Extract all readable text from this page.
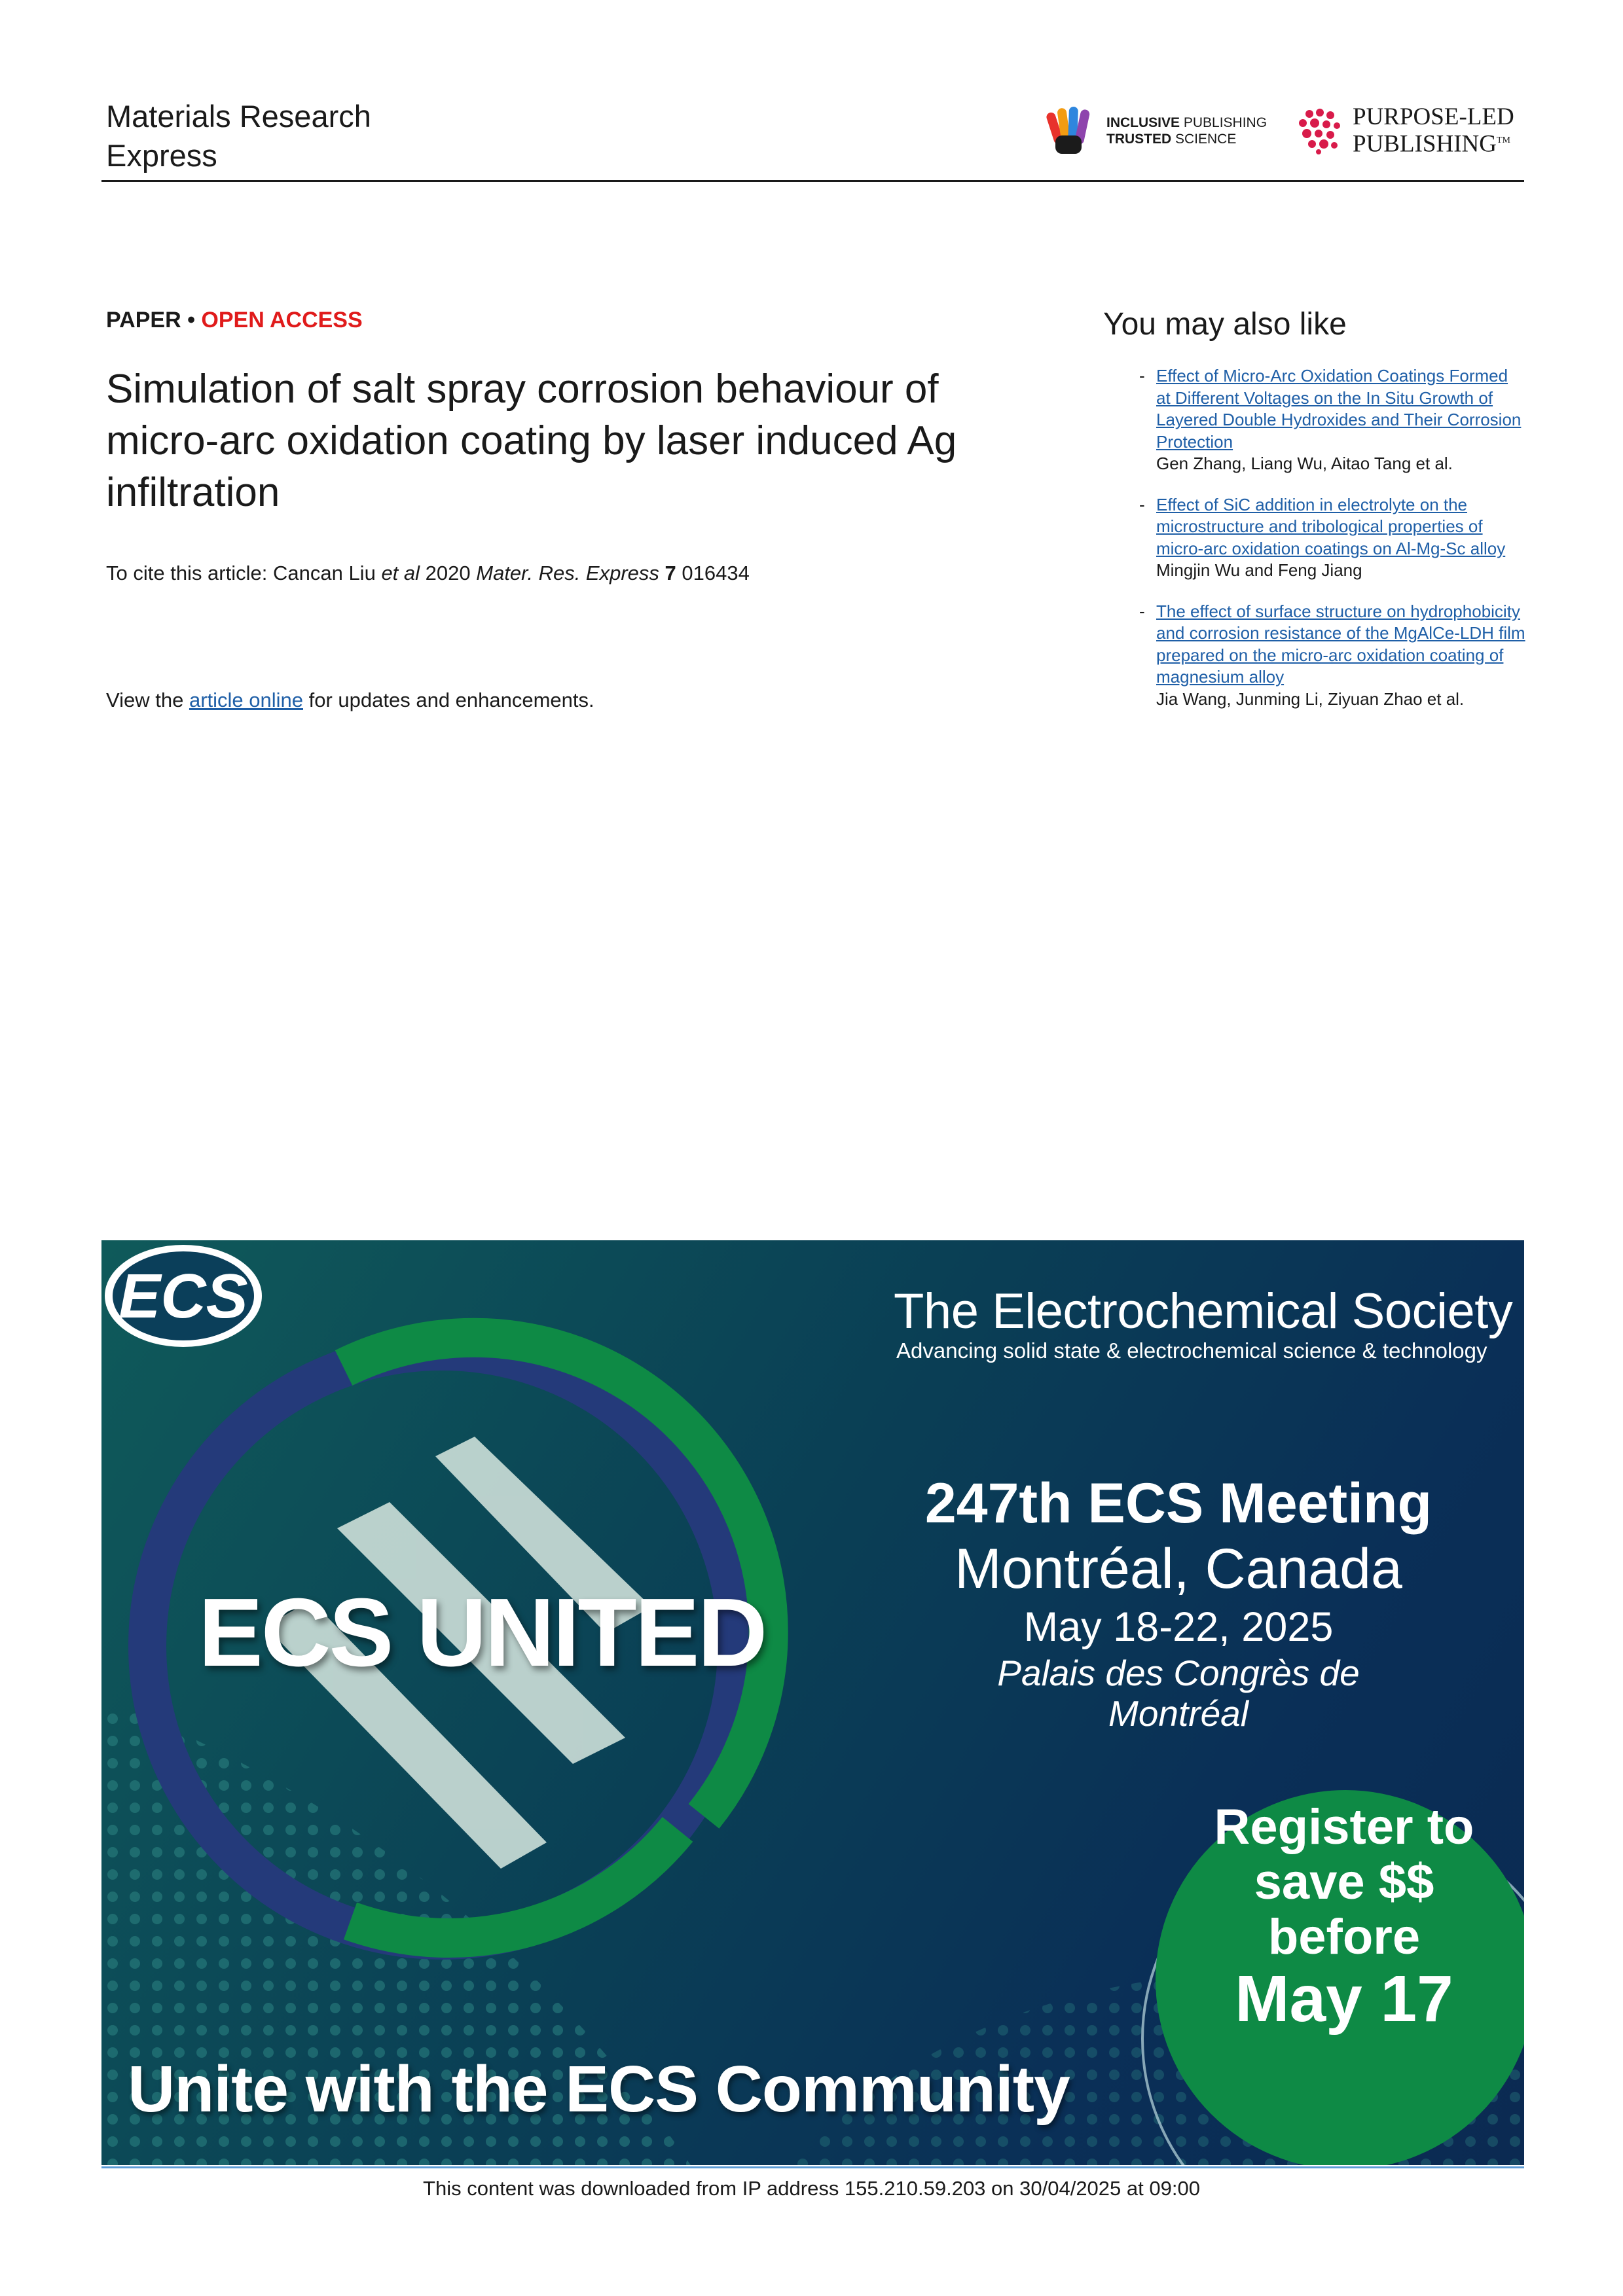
Materials Research
Express
INCLUSIVE PUBLISHING
TRUSTED SCIENCE
PURPOSE-LED
PUBLISHING™
PAPER • OPEN ACCESS
Simulation of salt spray corrosion behaviour of micro-arc oxidation coating by laser induced Ag infiltration
To cite this article: Cancan Liu et al 2020 Mater. Res. Express 7 016434
View the article online for updates and enhancements.
You may also like
- Effect of Micro-Arc Oxidation Coatings Formed at Different Voltages on the In Situ Growth of Layered Double Hydroxides and Their Corrosion Protection
Gen Zhang, Liang Wu, Aitao Tang et al.
- Effect of SiC addition in electrolyte on the microstructure and tribological properties of micro-arc oxidation coatings on Al-Mg-Sc alloy
Mingjin Wu and Feng Jiang
- The effect of surface structure on hydrophobicity and corrosion resistance of the MgAlCe-LDH film prepared on the micro-arc oxidation coating of magnesium alloy
Jia Wang, Junming Li, Ziyuan Zhao et al.
ECS	The Electrochemical Society
Advancing solid state & electrochemical science & technology
247th ECS Meeting
Montréal, Canada
May 18-22, 2025
Palais des Congrès de Montréal
ECS UNITED
Unite with the ECS Community
Register to
save $$
before
May 17
This content was downloaded from IP address 155.210.59.203 on 30/04/2025 at 09:00
